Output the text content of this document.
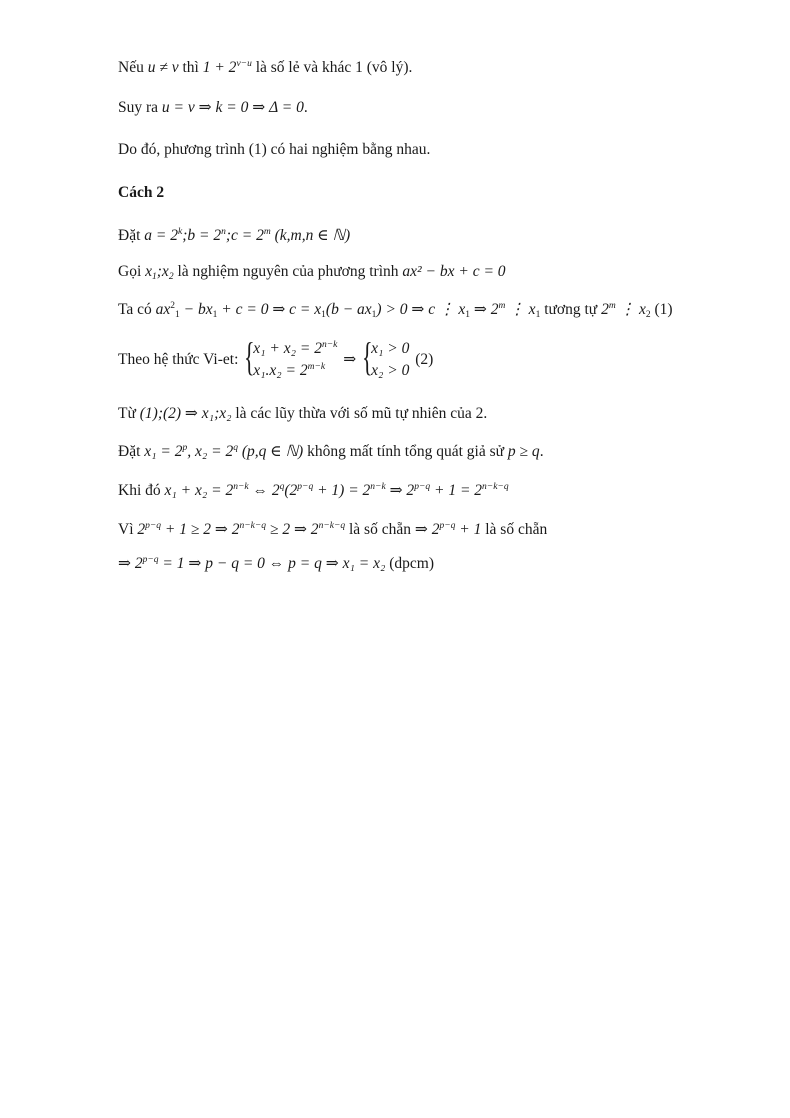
Nếu u ≠ v thì $1 + 2^{v-u}$ là số lẻ và khác 1 (vô lý).
Suy ra u = v ⇒ k = 0 ⇒ Δ = 0.
Do đó, phương trình (1) có hai nghiệm bằng nhau.
Cách 2
Đặt $a = 2^k;b$ = $2^n;c = 2^m$ (k,m,n ∈ ℕ)
Gọi $x_1;x_2$ là nghiệm nguyên của phương trình ax² − bx + c = 0
Ta có $ax^2_1 - bx_1 + c = 0$ ⇒ $c = x_1(b - ax_1) > 0$ ⇒ c ⋮ $x_1$ ⇒ 2$^m$ ⋮ $x_1$ tương tự 2$^m$ ⋮ $x_2$ (1)
Theo hệ thức Vi-et: {
$x_1 + x_2 = 2^{n-k}$
$x_1.x_2 = 2^{m-k}$	⇒ {
x₁ > 0
x₂ > 0
(2)
Từ (1);(2) ⇒ x₁;x₂ là các lũy thừa với số mũ tự nhiên của 2.
Đặt $x_1 = 2^p$, $x_2 = 2^q$ (p,q ∈ ℕ) không mất tính tổng quát giả sử p ≥ q.
Khi đó $x_1 + x_2 = 2^{n-k}$ ⇔ $2^q(2^{p-q} + 1) = 2^{n-k}$ ⇒ $2^{p-q} + 1 = 2^{n-k-q}$
Vì $2^{p-q} + 1 \ge 2$ ⇒ $2^{n-k-q} \ge 2$ ⇒ $2^{n-k-q}$ là số chẵn ⇒ $2^{p-q} + 1$ là số chẵn
⇒ $2^{p-q} = 1$ ⇒ p − q = 0 ⇔ p = q ⇒ x₁ = x₂ (dpcm)
